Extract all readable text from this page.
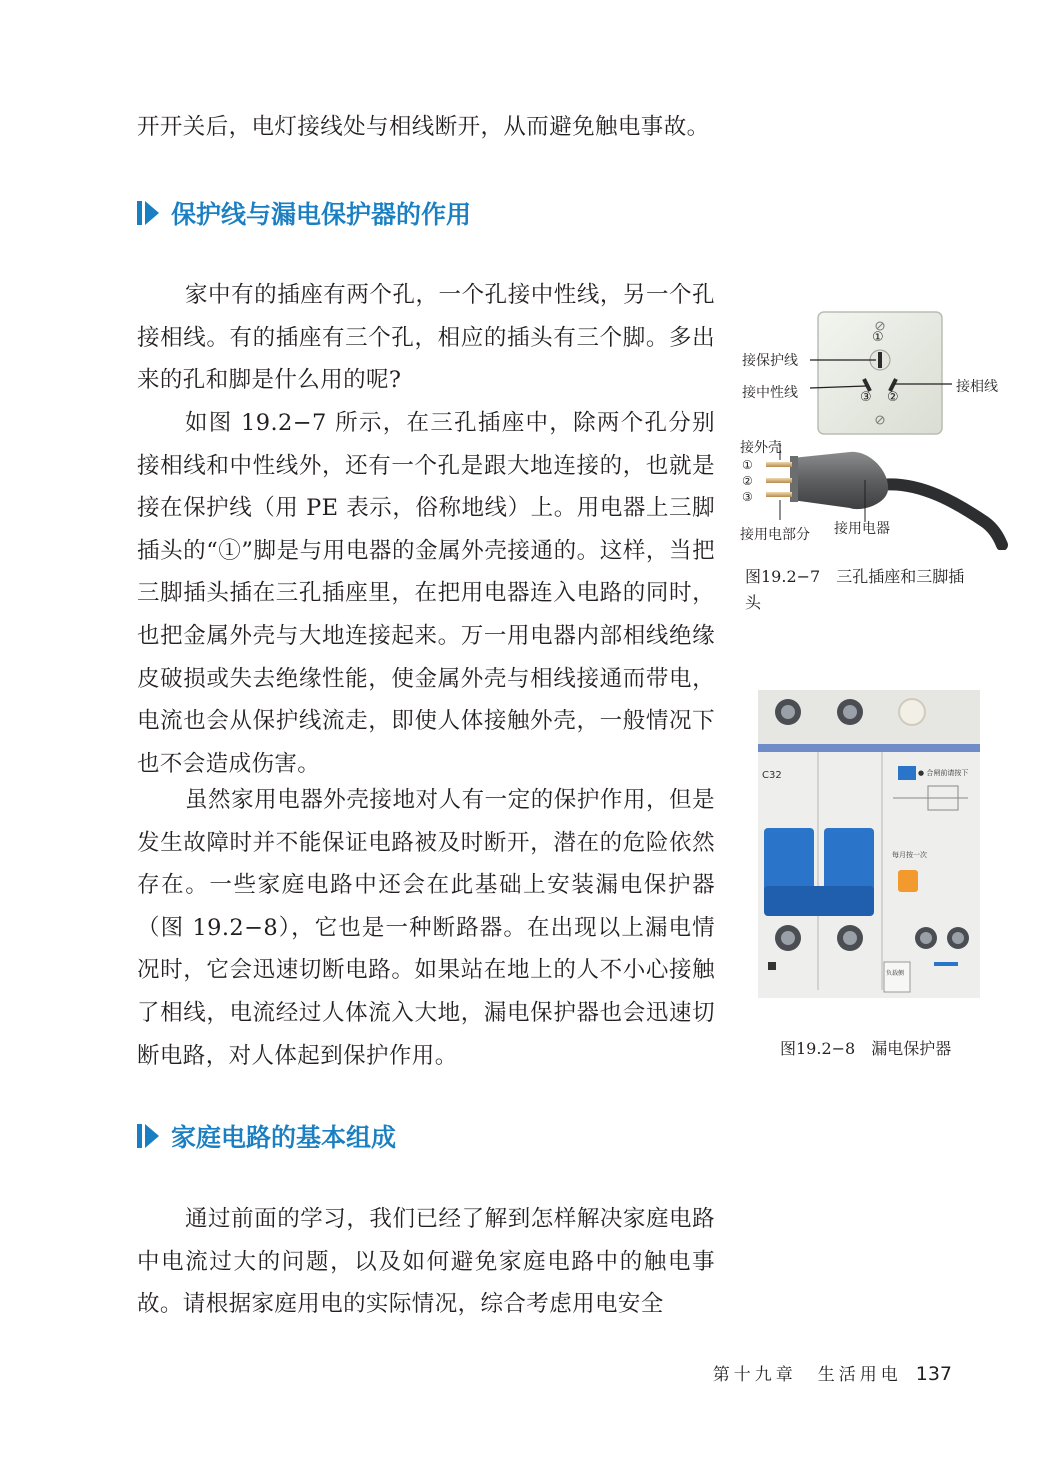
开开关后，电灯接线处与相线断开，从而避免触电事故。

保护线与漏电保护器的作用

家中有的插座有两个孔，一个孔接中性线，另一个孔接相线。有的插座有三个孔，相应的插头有三个脚。多出来的孔和脚是什么用的呢?

如图 19.2−7 所示，在三孔插座中，除两个孔分别接相线和中性线外，还有一个孔是跟大地连接的，也就是接在保护线（用 PE 表示，俗称地线）上。用电器上三脚插头的“①”脚是与用电器的金属外壳接通的。这样，当把三脚插头插在三孔插座里，在把用电器连入电路的同时，也把金属外壳与大地连接起来。万一用电器内部相线绝缘皮破损或失去绝缘性能，使金属外壳与相线接通而带电，电流也会从保护线流走，即使人体接触外壳，一般情况下也不会造成伤害。

虽然家用电器外壳接地对人有一定的保护作用，但是发生故障时并不能保证电路被及时断开，潜在的危险依然存在。一些家庭电路中还会在此基础上安装漏电保护器（图 19.2−8），它也是一种断路器。在出现以上漏电情况时，它会迅速切断电路。如果站在地上的人不小心接触了相线，电流经过人体流入大地，漏电保护器也会迅速切断电路，对人体起到保护作用。

家庭电路的基本组成

通过前面的学习，我们已经了解到怎样解决家庭电路中电流过大的问题，以及如何避免家庭电路中的触电事故。请根据家庭用电的实际情况，综合考虑用电安全

接保护线
接中性线	接相线
①
③ ②
接外壳
①
②
③
接用电部分 接用电器
图19.2−7　三孔插座和三脚插头
C32	● 合闸前请按下
每月按一次
负载侧
图19.2−8　漏电保护器
第十九章　生活用电 137
